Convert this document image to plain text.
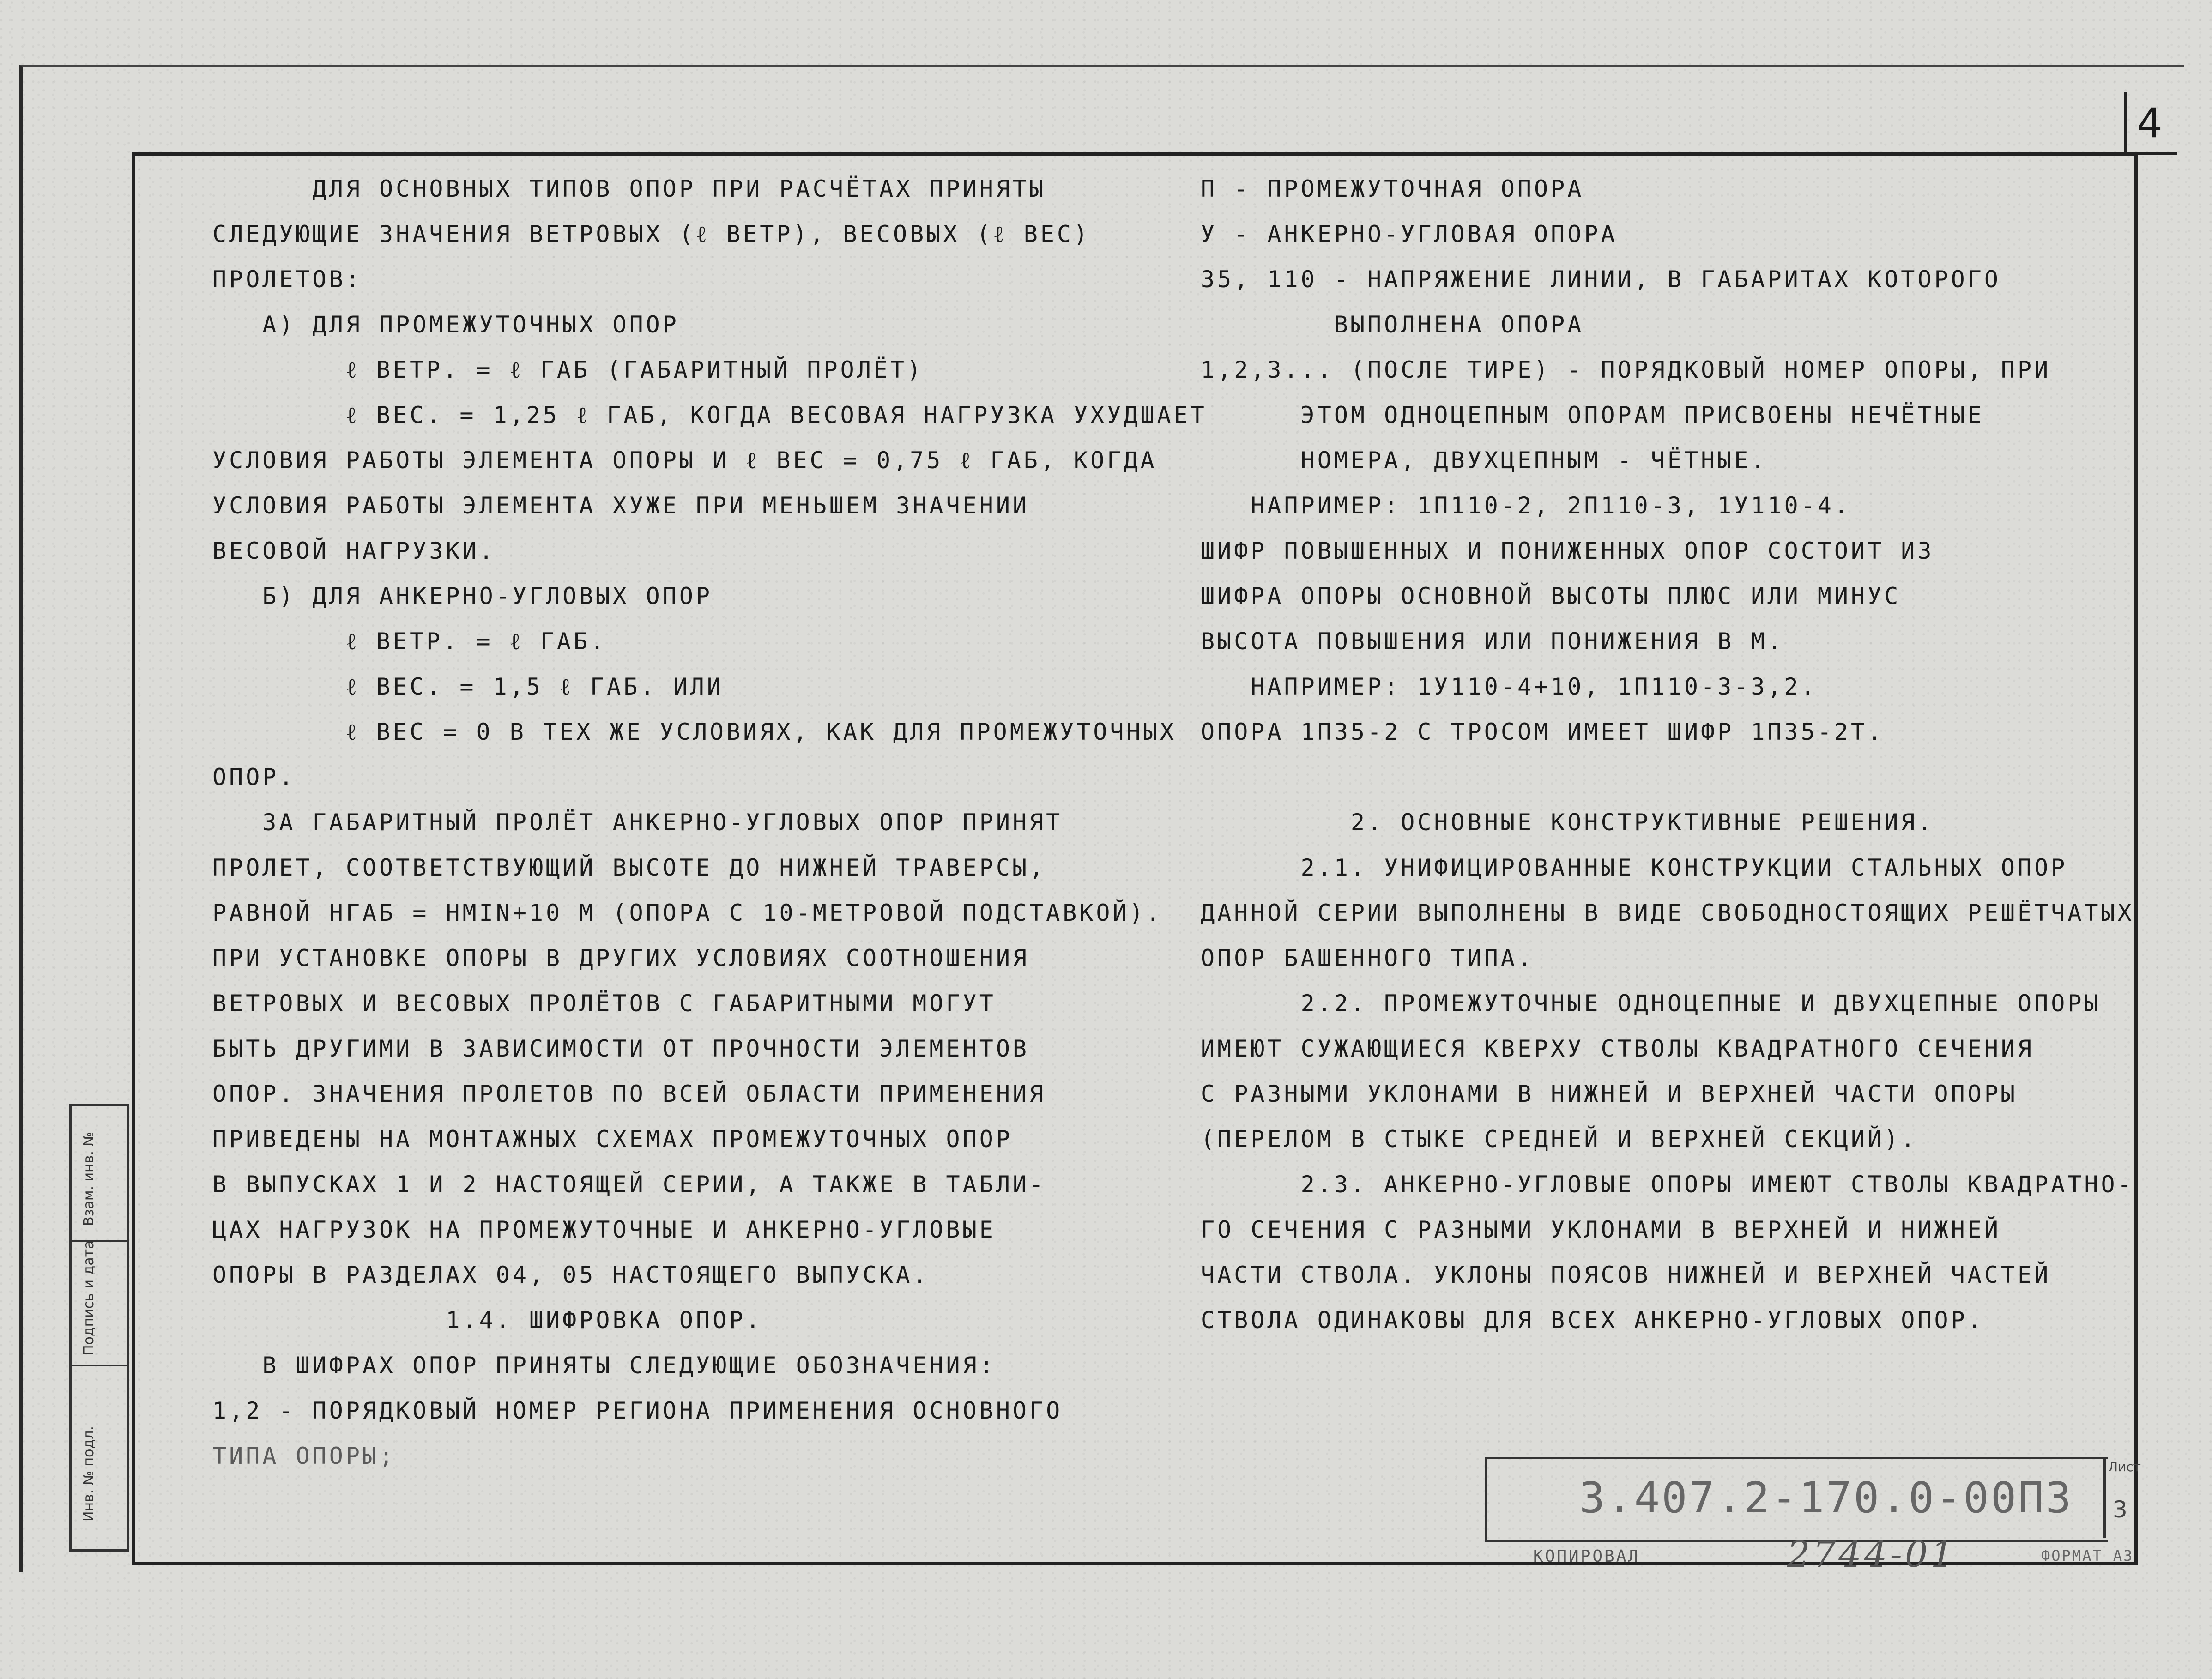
4
ДЛЯ ОСНОВНЫХ ТИПОВ ОПОР ПРИ РАСЧЁТАХ ПРИНЯТЫ
СЛЕДУЮЩИЕ ЗНАЧЕНИЯ ВЕТРОВЫХ (ℓ ВЕТР), ВЕСОВЫХ (ℓ ВЕС)
ПРОЛЕТОВ:
А) ДЛЯ ПРОМЕЖУТОЧНЫХ ОПОР
ℓ ВЕТР. = ℓ ГАБ (ГАБАРИТНЫЙ ПРОЛЁТ)
ℓ ВЕС. = 1,25 ℓ ГАБ, КОГДА ВЕСОВАЯ НАГРУЗКА УХУДШАЕТ
УСЛОВИЯ РАБОТЫ ЭЛЕМЕНТА ОПОРЫ И ℓ ВЕС = 0,75 ℓ ГАБ, КОГДА
УСЛОВИЯ РАБОТЫ ЭЛЕМЕНТА ХУЖЕ ПРИ МЕНЬШЕМ ЗНАЧЕНИИ
ВЕСОВОЙ НАГРУЗКИ.
Б) ДЛЯ АНКЕРНО-УГЛОВЫХ ОПОР
ℓ ВЕТР. = ℓ ГАБ.
ℓ ВЕС. = 1,5 ℓ ГАБ. ИЛИ
ℓ ВЕС = 0 В ТЕХ ЖЕ УСЛОВИЯХ, КАК ДЛЯ ПРОМЕЖУТОЧНЫХ
ОПОР.
ЗА ГАБАРИТНЫЙ ПРОЛЁТ АНКЕРНО-УГЛОВЫХ ОПОР ПРИНЯТ
ПРОЛЕТ, СООТВЕТСТВУЮЩИЙ ВЫСОТЕ ДО НИЖНЕЙ ТРАВЕРСЫ,
РАВНОЙ НГАБ = НMIN+10 М (ОПОРА С 10-МЕТРОВОЙ ПОДСТАВКОЙ).
ПРИ УСТАНОВКЕ ОПОРЫ В ДРУГИХ УСЛОВИЯХ СООТНОШЕНИЯ
ВЕТРОВЫХ И ВЕСОВЫХ ПРОЛЁТОВ С ГАБАРИТНЫМИ МОГУТ
БЫТЬ ДРУГИМИ В ЗАВИСИМОСТИ ОТ ПРОЧНОСТИ ЭЛЕМЕНТОВ
ОПОР. ЗНАЧЕНИЯ ПРОЛЕТОВ ПО ВСЕЙ ОБЛАСТИ ПРИМЕНЕНИЯ
ПРИВЕДЕНЫ НА МОНТАЖНЫХ СХЕМАХ ПРОМЕЖУТОЧНЫХ ОПОР
В ВЫПУСКАХ 1 И 2 НАСТОЯЩЕЙ СЕРИИ, А ТАКЖЕ В ТАБЛИ-
ЦАХ НАГРУЗОК НА ПРОМЕЖУТОЧНЫЕ И АНКЕРНО-УГЛОВЫЕ
ОПОРЫ В РАЗДЕЛАХ 04, 05 НАСТОЯЩЕГО ВЫПУСКА.
1.4. ШИФРОВКА ОПОР.
В ШИФРАХ ОПОР ПРИНЯТЫ СЛЕДУЮЩИЕ ОБОЗНАЧЕНИЯ:
1,2 - ПОРЯДКОВЫЙ НОМЕР РЕГИОНА ПРИМЕНЕНИЯ ОСНОВНОГО
ТИПА ОПОРЫ;
П - ПРОМЕЖУТОЧНАЯ ОПОРА
У - АНКЕРНО-УГЛОВАЯ ОПОРА
35, 110 - НАПРЯЖЕНИЕ ЛИНИИ, В ГАБАРИТАХ КОТОРОГО
ВЫПОЛНЕНА ОПОРА
1,2,3... (ПОСЛЕ ТИРЕ) - ПОРЯДКОВЫЙ НОМЕР ОПОРЫ, ПРИ
ЭТОМ ОДНОЦЕПНЫМ ОПОРАМ ПРИСВОЕНЫ НЕЧЁТНЫЕ
НОМЕРА, ДВУХЦЕПНЫМ - ЧЁТНЫЕ.
НАПРИМЕР: 1П110-2, 2П110-3, 1У110-4.
ШИФР ПОВЫШЕННЫХ И ПОНИЖЕННЫХ ОПОР СОСТОИТ ИЗ
ШИФРА ОПОРЫ ОСНОВНОЙ ВЫСОТЫ ПЛЮС ИЛИ МИНУС
ВЫСОТА ПОВЫШЕНИЯ ИЛИ ПОНИЖЕНИЯ В М.
НАПРИМЕР: 1У110-4+10, 1П110-3-3,2.
ОПОРА 1П35-2 С ТРОСОМ ИМЕЕТ ШИФР 1П35-2Т.
2. ОСНОВНЫЕ КОНСТРУКТИВНЫЕ РЕШЕНИЯ.
2.1. УНИФИЦИРОВАННЫЕ КОНСТРУКЦИИ СТАЛЬНЫХ ОПОР
ДАННОЙ СЕРИИ ВЫПОЛНЕНЫ В ВИДЕ СВОБОДНОСТОЯЩИХ РЕШЁТЧАТЫХ
ОПОР БАШЕННОГО ТИПА.
2.2. ПРОМЕЖУТОЧНЫЕ ОДНОЦЕПНЫЕ И ДВУХЦЕПНЫЕ ОПОРЫ
ИМЕЮТ СУЖАЮЩИЕСЯ КВЕРХУ СТВОЛЫ КВАДРАТНОГО СЕЧЕНИЯ
С РАЗНЫМИ УКЛОНАМИ В НИЖНЕЙ И ВЕРХНЕЙ ЧАСТИ ОПОРЫ
(ПЕРЕЛОМ В СТЫКЕ СРЕДНЕЙ И ВЕРХНЕЙ СЕКЦИЙ).
2.3. АНКЕРНО-УГЛОВЫЕ ОПОРЫ ИМЕЮТ СТВОЛЫ КВАДРАТНО-
ГО СЕЧЕНИЯ С РАЗНЫМИ УКЛОНАМИ В ВЕРХНЕЙ И НИЖНЕЙ
ЧАСТИ СТВОЛА. УКЛОНЫ ПОЯСОВ НИЖНЕЙ И ВЕРХНЕЙ ЧАСТЕЙ
СТВОЛА ОДИНАКОВЫ ДЛЯ ВСЕХ АНКЕРНО-УГЛОВЫХ ОПОР.
Взам. инв. №
Подпись и дата
Инв. № подл.	3.407.2-170.0-00ПЗ
Лист
3
КОПИРОВАЛ	2744-01	ФОРМАТ А3
